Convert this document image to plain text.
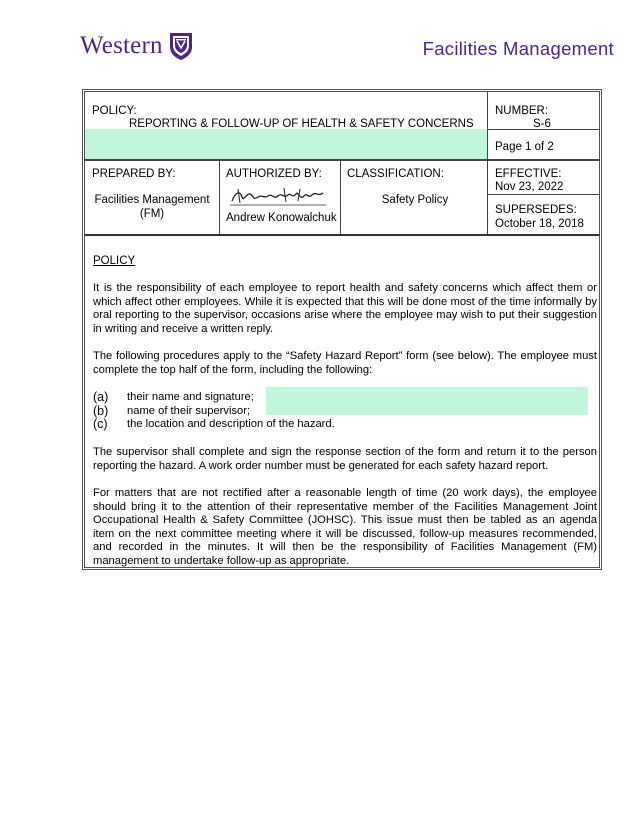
Western	Facilities Management
POLICY:
REPORTING & FOLLOW-UP OF HEALTH & SAFETY CONCERNS
NUMBER:
S-6
Page 1 of 2
PREPARED BY:
Facilities Management (FM)
AUTHORIZED BY:
Andrew Konowalchuk
CLASSIFICATION:
Safety Policy
EFFECTIVE:
Nov 23, 2022
SUPERSEDES:
October 18, 2018
POLICY
It is the responsibility of each employee to report health and safety concerns which affect them or which affect other employees. While it is expected that this will be done most of the time informally by oral reporting to the supervisor, occasions arise where the employee may wish to put their suggestion in writing and receive a written reply.
The following procedures apply to the “Safety Hazard Report” form (see below). The employee must complete the top half of the form, including the following:
(a)	their name and signature;
(b)	name of their supervisor;
(c)	the location and description of the hazard.
The supervisor shall complete and sign the response section of the form and return it to the person reporting the hazard. A work order number must be generated for each safety hazard report.
For matters that are not rectified after a reasonable length of time (20 work days), the employee should bring it to the attention of their representative member of the Facilities Management Joint Occupational Health & Safety Committee (JOHSC). This issue must then be tabled as an agenda item on the next committee meeting where it will be discussed, follow-up measures recommended, and recorded in the minutes. It will then be the responsibility of Facilities Management (FM) management to undertake follow-up as appropriate.
